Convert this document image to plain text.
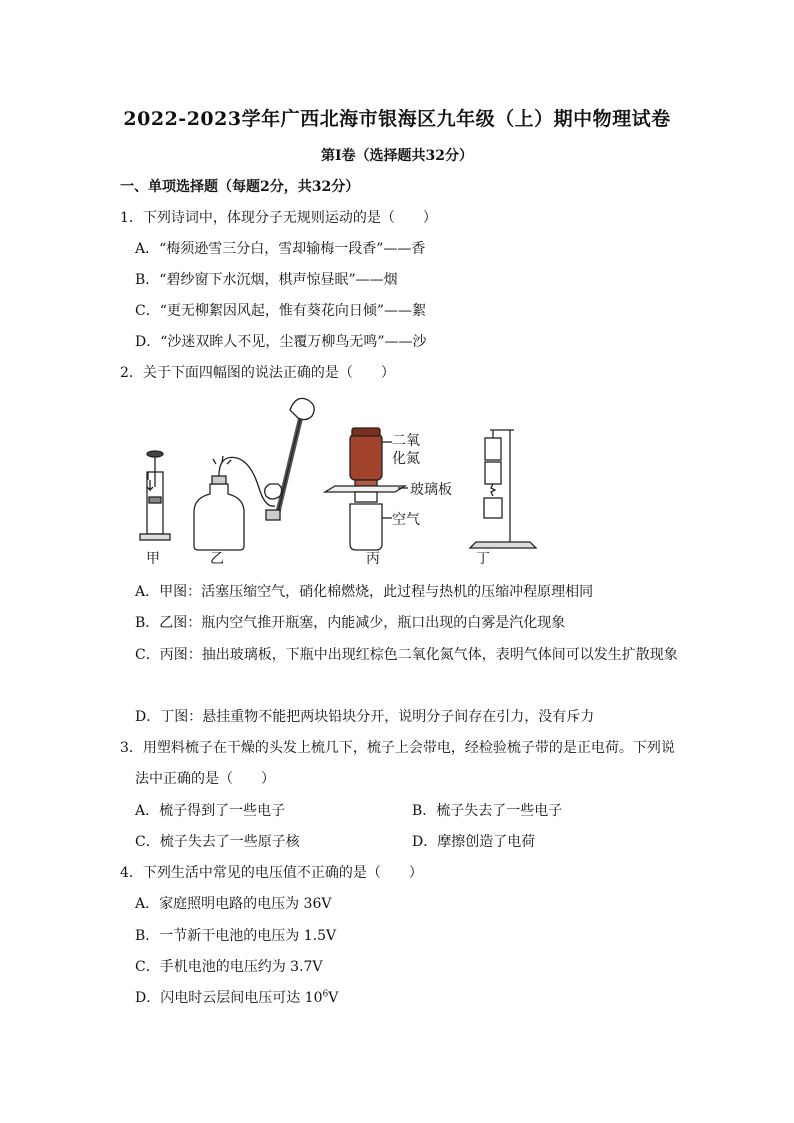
2022-2023学年广西北海市银海区九年级（上）期中物理试卷
第Ⅰ卷（选择题共32分）
一、单项选择题（每题2分，共32分）
1．下列诗词中，体现分子无规则运动的是（　　）
A．“梅须逊雪三分白，雪却输梅一段香”——香
B．“碧纱窗下水沉烟，棋声惊昼眠”——烟
C．“更无柳絮因风起，惟有葵花向日倾”——絮
D．“沙迷双眸人不见，尘覆万柳鸟无鸣”——沙
2．关于下面四幅图的说法正确的是（　　）
甲	乙	丙	丁
二氧
化氮
玻璃板
空气
A．甲图：活塞压缩空气，硝化棉燃烧，此过程与热机的压缩冲程原理相同
B．乙图：瓶内空气推开瓶塞，内能减少，瓶口出现的白雾是汽化现象
C．丙图：抽出玻璃板，下瓶中出现红棕色二氧化氮气体，表明气体间可以发生扩散现象
D．丁图：悬挂重物不能把两块铅块分开，说明分子间存在引力，没有斥力
3．用塑料梳子在干燥的头发上梳几下，梳子上会带电，经检验梳子带的是正电荷。下列说
法中正确的是（　　）
A．梳子得到了一些电子	B．梳子失去了一些电子
C．梳子失去了一些原子核	D．摩擦创造了电荷
4．下列生活中常见的电压值不正确的是（　　）
A．家庭照明电路的电压为 36V
B．一节新干电池的电压为 1.5V
C．手机电池的电压约为 3.7V
D．闪电时云层间电压可达 $10^6V$
